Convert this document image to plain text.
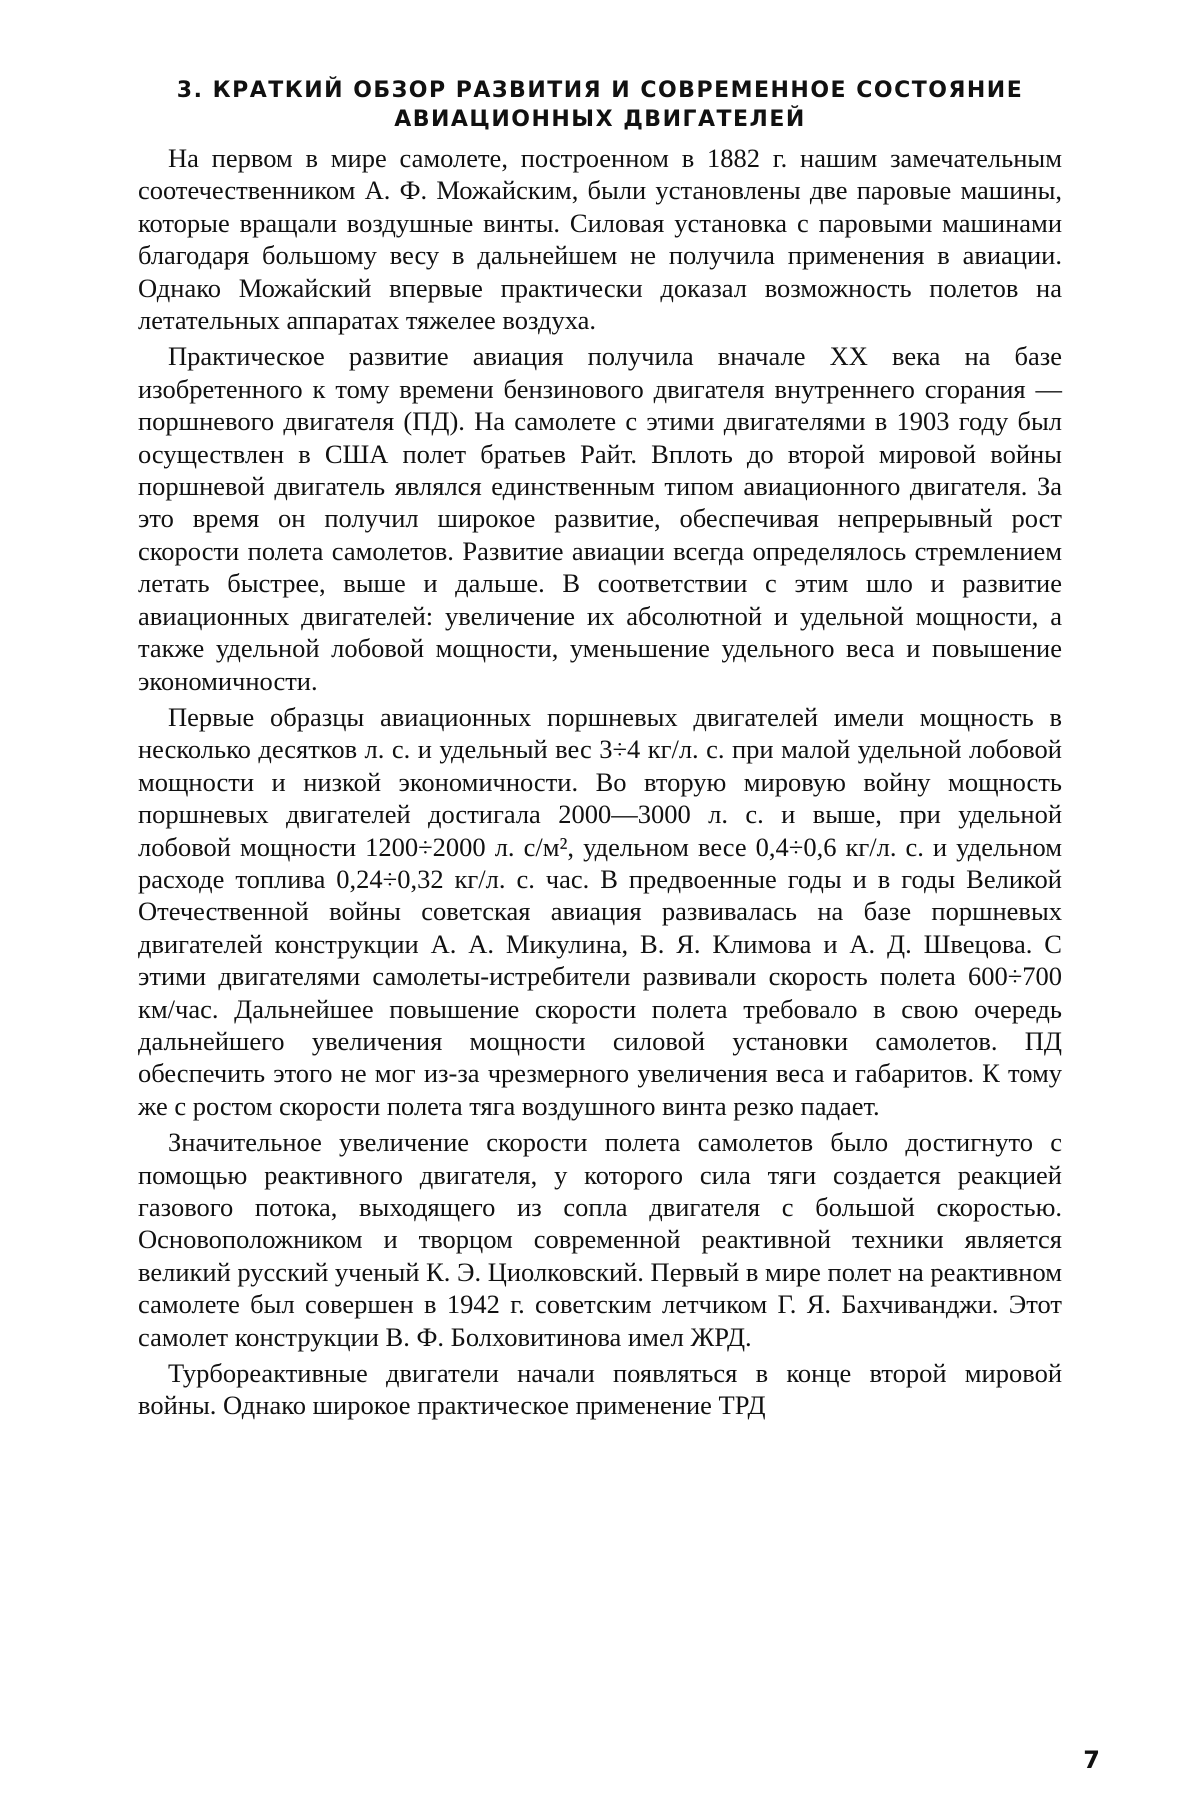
3. КРАТКИЙ ОБЗОР РАЗВИТИЯ И СОВРЕМЕННОЕ СОСТОЯНИЕ
АВИАЦИОННЫХ ДВИГАТЕЛЕЙ

На первом в мире самолете, построенном в 1882 г. нашим замечательным соотечественником А. Ф. Можайским, были установлены две паровые машины, которые вращали воздушные винты. Силовая установка с паровыми машинами благодаря большому весу в дальнейшем не получила применения в авиации. Однако Можайский впервые практически доказал возможность полетов на летательных аппаратах тяжелее воздуха.

Практическое развитие авиация получила вначале XX века на базе изобретенного к тому времени бензинового двигателя внутреннего сгорания — поршневого двигателя (ПД). На самолете с этими двигателями в 1903 году был осуществлен в США полет братьев Райт. Вплоть до второй мировой войны поршневой двигатель являлся единственным типом авиационного двигателя. За это время он получил широкое развитие, обеспечивая непрерывный рост скорости полета самолетов. Развитие авиации всегда определялось стремлением летать быстрее, выше и дальше. В соответствии с этим шло и развитие авиационных двигателей: увеличение их абсолютной и удельной мощности, а также удельной лобовой мощности, уменьшение удельного веса и повышение экономичности.

Первые образцы авиационных поршневых двигателей имели мощность в несколько десятков л. с. и удельный вес 3÷4 кг/л. с. при малой удельной лобовой мощности и низкой экономичности. Во вторую мировую войну мощность поршневых двигателей достигала 2000—3000 л. с. и выше, при удельной лобовой мощности 1200÷2000 л. с/м², удельном весе 0,4÷0,6 кг/л. с. и удельном расходе топлива 0,24÷0,32 кг/л. с. час. В предвоенные годы и в годы Великой Отечественной войны советская авиация развивалась на базе поршневых двигателей конструкции А. А. Микулина, В. Я. Климова и А. Д. Швецова. С этими двигателями самолеты-истребители развивали скорость полета 600÷700 км/час. Дальнейшее повышение скорости полета требовало в свою очередь дальнейшего увеличения мощности силовой установки самолетов. ПД обеспечить этого не мог из-за чрезмерного увеличения веса и габаритов. К тому же с ростом скорости полета тяга воздушного винта резко падает.

Значительное увеличение скорости полета самолетов было достигнуто с помощью реактивного двигателя, у которого сила тяги создается реакцией газового потока, выходящего из сопла двигателя с большой скоростью. Основоположником и творцом современной реактивной техники является великий русский ученый К. Э. Циолковский. Первый в мире полет на реактивном самолете был совершен в 1942 г. советским летчиком Г. Я. Бахчиванджи. Этот самолет конструкции В. Ф. Болховитинова имел ЖРД.

Турбореактивные двигатели начали появляться в конце второй мировой войны. Однако широкое практическое применение ТРД

7
